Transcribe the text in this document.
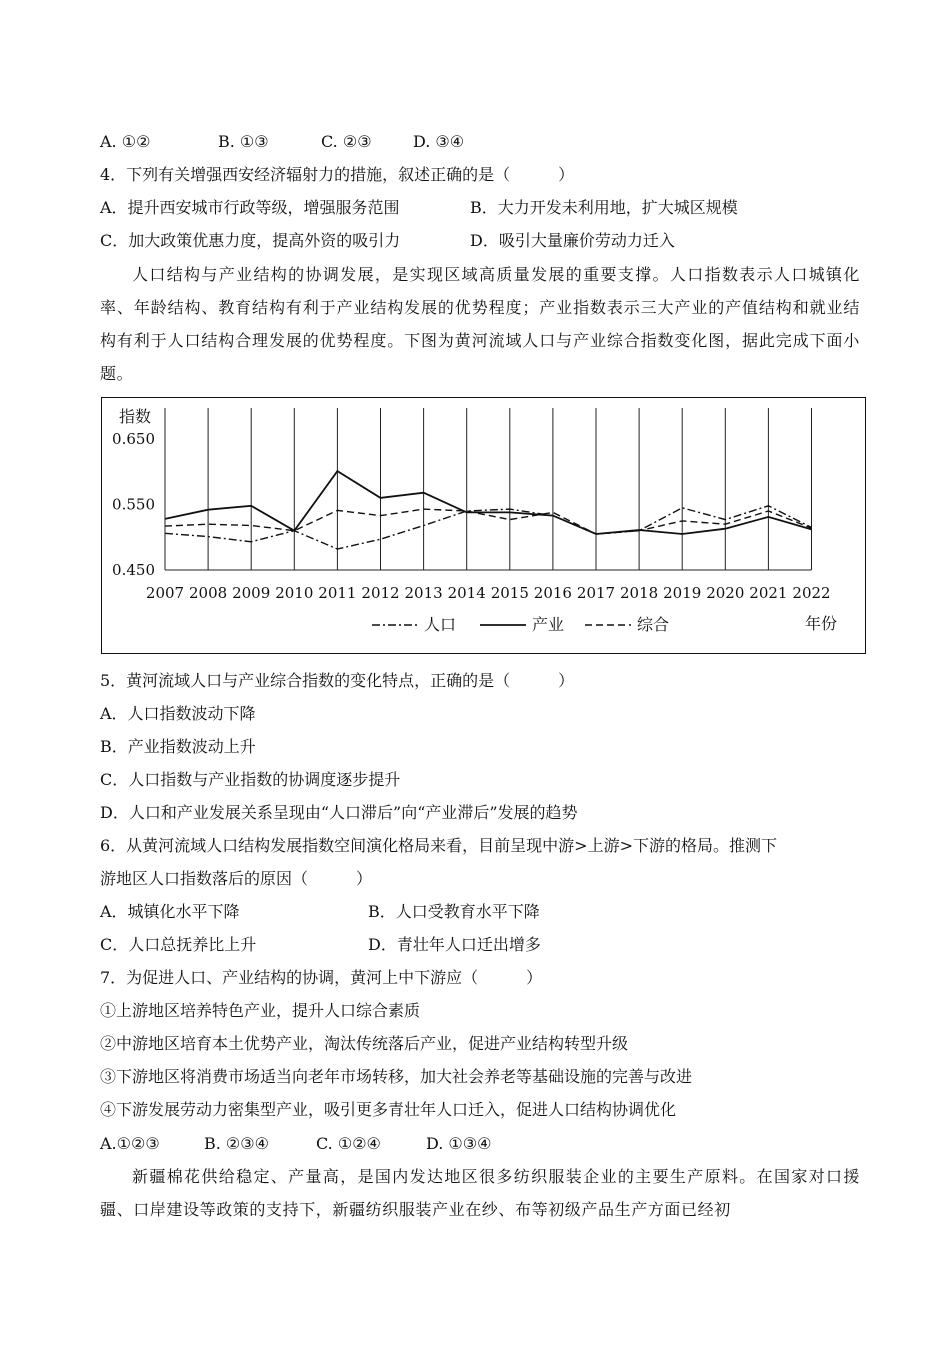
A. ①②	B. ①③	C. ②③	D. ③④
4．下列有关增强西安经济辐射力的措施，叙述正确的是（　　　）
A．提升西安城市行政等级，增强服务范围	B．大力开发未利用地，扩大城区规模
C．加大政策优惠力度，提高外资的吸引力	D．吸引大量廉价劳动力迁入
人口结构与产业结构的协调发展，是实现区域高质量发展的重要支撑。人口指数表示人口城镇化率、年龄结构、教育结构有利于产业结构发展的优势程度；产业指数表示三大产业的产值结构和就业结构有利于人口结构合理发展的优势程度。下图为黄河流域人口与产业综合指数变化图，据此完成下面小题。
指数
年份
0.650
0.550
0.450
2007 2008 2009 2010 2011 2012 2013 2014 2015 2016 2017 2018 2019 2020 2021 2022
人口	产业	综合
5．黄河流域人口与产业综合指数的变化特点，正确的是（　　　）
A．人口指数波动下降
B．产业指数波动上升
C．人口指数与产业指数的协调度逐步提升
D．人口和产业发展关系呈现由“人口滞后”向“产业滞后”发展的趋势
6．从黄河流域人口结构发展指数空间演化格局来看，目前呈现中游>上游>下游的格局。推测下
游地区人口指数落后的原因（　　　）
A．城镇化水平下降	B．人口受教育水平下降
C．人口总抚养比上升	D．青壮年人口迁出增多
7．为促进人口、产业结构的协调，黄河上中下游应（　　　）
①上游地区培养特色产业，提升人口综合素质
②中游地区培育本土优势产业，淘汰传统落后产业，促进产业结构转型升级
③下游地区将消费市场适当向老年市场转移，加大社会养老等基础设施的完善与改进
④下游发展劳动力密集型产业，吸引更多青壮年人口迁入，促进人口结构协调优化
A.①②③	B. ②③④	C. ①②④	D. ①③④
新疆棉花供给稳定、产量高，是国内发达地区很多纺织服装企业的主要生产原料。在国家对口援疆、口岸建设等政策的支持下，新疆纺织服装产业在纱、布等初级产品生产方面已经初
